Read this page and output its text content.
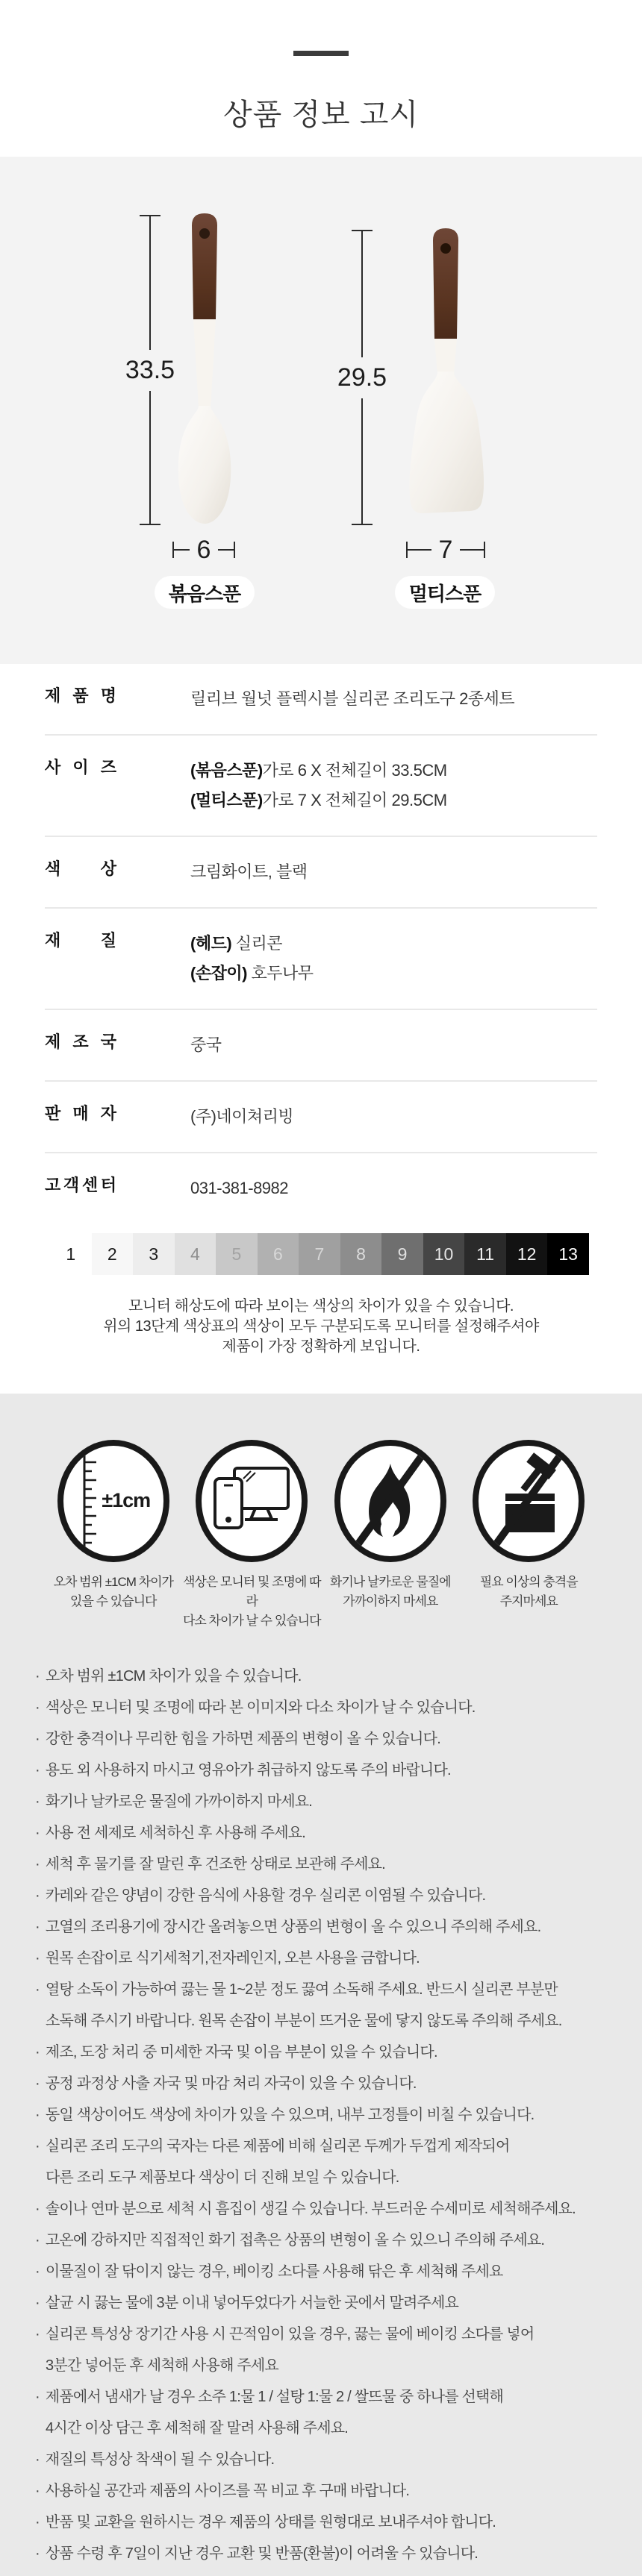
상품 정보 고시
33.5
6
볶음스푼
29.5
7
멀티스푼
제 품 명	릴리브 월넛 플렉시블 실리콘 조리도구 2종세트
사 이 즈	(볶음스푼)가로 6 X 전체길이 33.5CM
(멀티스푼)가로 7 X 전체길이 29.5CM
색 상	크림화이트, 블랙
재 질	(헤드) 실리콘
(손잡이) 호두나무
제 조 국	중국
판 매 자	(주)네이쳐리빙
고 객 센 터	031-381-8982
1	2	3	4	5	6	7	8	9	10	11	12	13
모니터 해상도에 따라 보이는 색상의 차이가 있을 수 있습니다.
위의 13단계 색상표의 색상이 모두 구분되도록 모니터를 설정해주셔야
제품이 가장 정확하게 보입니다.
±1cm
오차 범위 ±1CM 차이가
있을 수 있습니다
색상은 모니터 및 조명에 따라
다소 차이가 날 수 있습니다
화기나 날카로운 물질에
가까이하지 마세요
필요 이상의 충격을
주지마세요
· 오차 범위 ±1CM 차이가 있을 수 있습니다.
· 색상은 모니터 및 조명에 따라 본 이미지와 다소 차이가 날 수 있습니다.
· 강한 충격이나 무리한 힘을 가하면 제품의 변형이 올 수 있습니다.
· 용도 외 사용하지 마시고 영유아가 취급하지 않도록 주의 바랍니다.
· 화기나 날카로운 물질에 가까이하지 마세요.
· 사용 전 세제로 세척하신 후 사용해 주세요.
· 세척 후 물기를 잘 말린 후 건조한 상태로 보관해 주세요.
· 카레와 같은 양념이 강한 음식에 사용할 경우 실리콘 이염될 수 있습니다.
· 고열의 조리용기에 장시간 올려놓으면 상품의 변형이 올 수 있으니 주의해 주세요.
· 원목 손잡이로 식기세척기,전자레인지, 오븐 사용을 금합니다.
· 열탕 소독이 가능하여 끓는 물 1~2분 정도 끓여 소독해 주세요. 반드시 실리콘 부분만
소독해 주시기 바랍니다. 원목 손잡이 부분이 뜨거운 물에 닿지 않도록 주의해 주세요.
· 제조, 도장 처리 중 미세한 자국 및 이음 부분이 있을 수 있습니다.
· 공정 과정상 사출 자국 및 마감 처리 자국이 있을 수 있습니다.
· 동일 색상이어도 색상에 차이가 있을 수 있으며, 내부 고정틀이 비칠 수 있습니다.
· 실리콘 조리 도구의 국자는 다른 제품에 비해 실리콘 두께가 두껍게 제작되어
다른 조리 도구 제품보다 색상이 더 진해 보일 수 있습니다.
· 솔이나 연마 분으로 세척 시 흠집이 생길 수 있습니다. 부드러운 수세미로 세척해주세요.
· 고온에 강하지만 직접적인 화기 접촉은 상품의 변형이 올 수 있으니 주의해 주세요.
· 이물질이 잘 닦이지 않는 경우, 베이킹 소다를 사용해 닦은 후 세척해 주세요
· 살균 시 끓는 물에 3분 이내 넣어두었다가 서늘한 곳에서 말려주세요
· 실리콘 특성상 장기간 사용 시 끈적임이 있을 경우, 끓는 물에 베이킹 소다를 넣어
3분간 넣어둔 후 세척해 사용해 주세요
· 제품에서 냄새가 날 경우 소주 1:물 1 / 설탕 1:물 2 / 쌀뜨물 중 하나를 선택해
4시간 이상 담근 후 세척해 잘 말려 사용해 주세요.
· 재질의 특성상 착색이 될 수 있습니다.
· 사용하실 공간과 제품의 사이즈를 꼭 비교 후 구매 바랍니다.
· 반품 및 교환을 원하시는 경우 제품의 상태를 원형대로 보내주셔야 합니다.
· 상품 수령 후 7일이 지난 경우 교환 및 반품(환불)이 어려울 수 있습니다.
